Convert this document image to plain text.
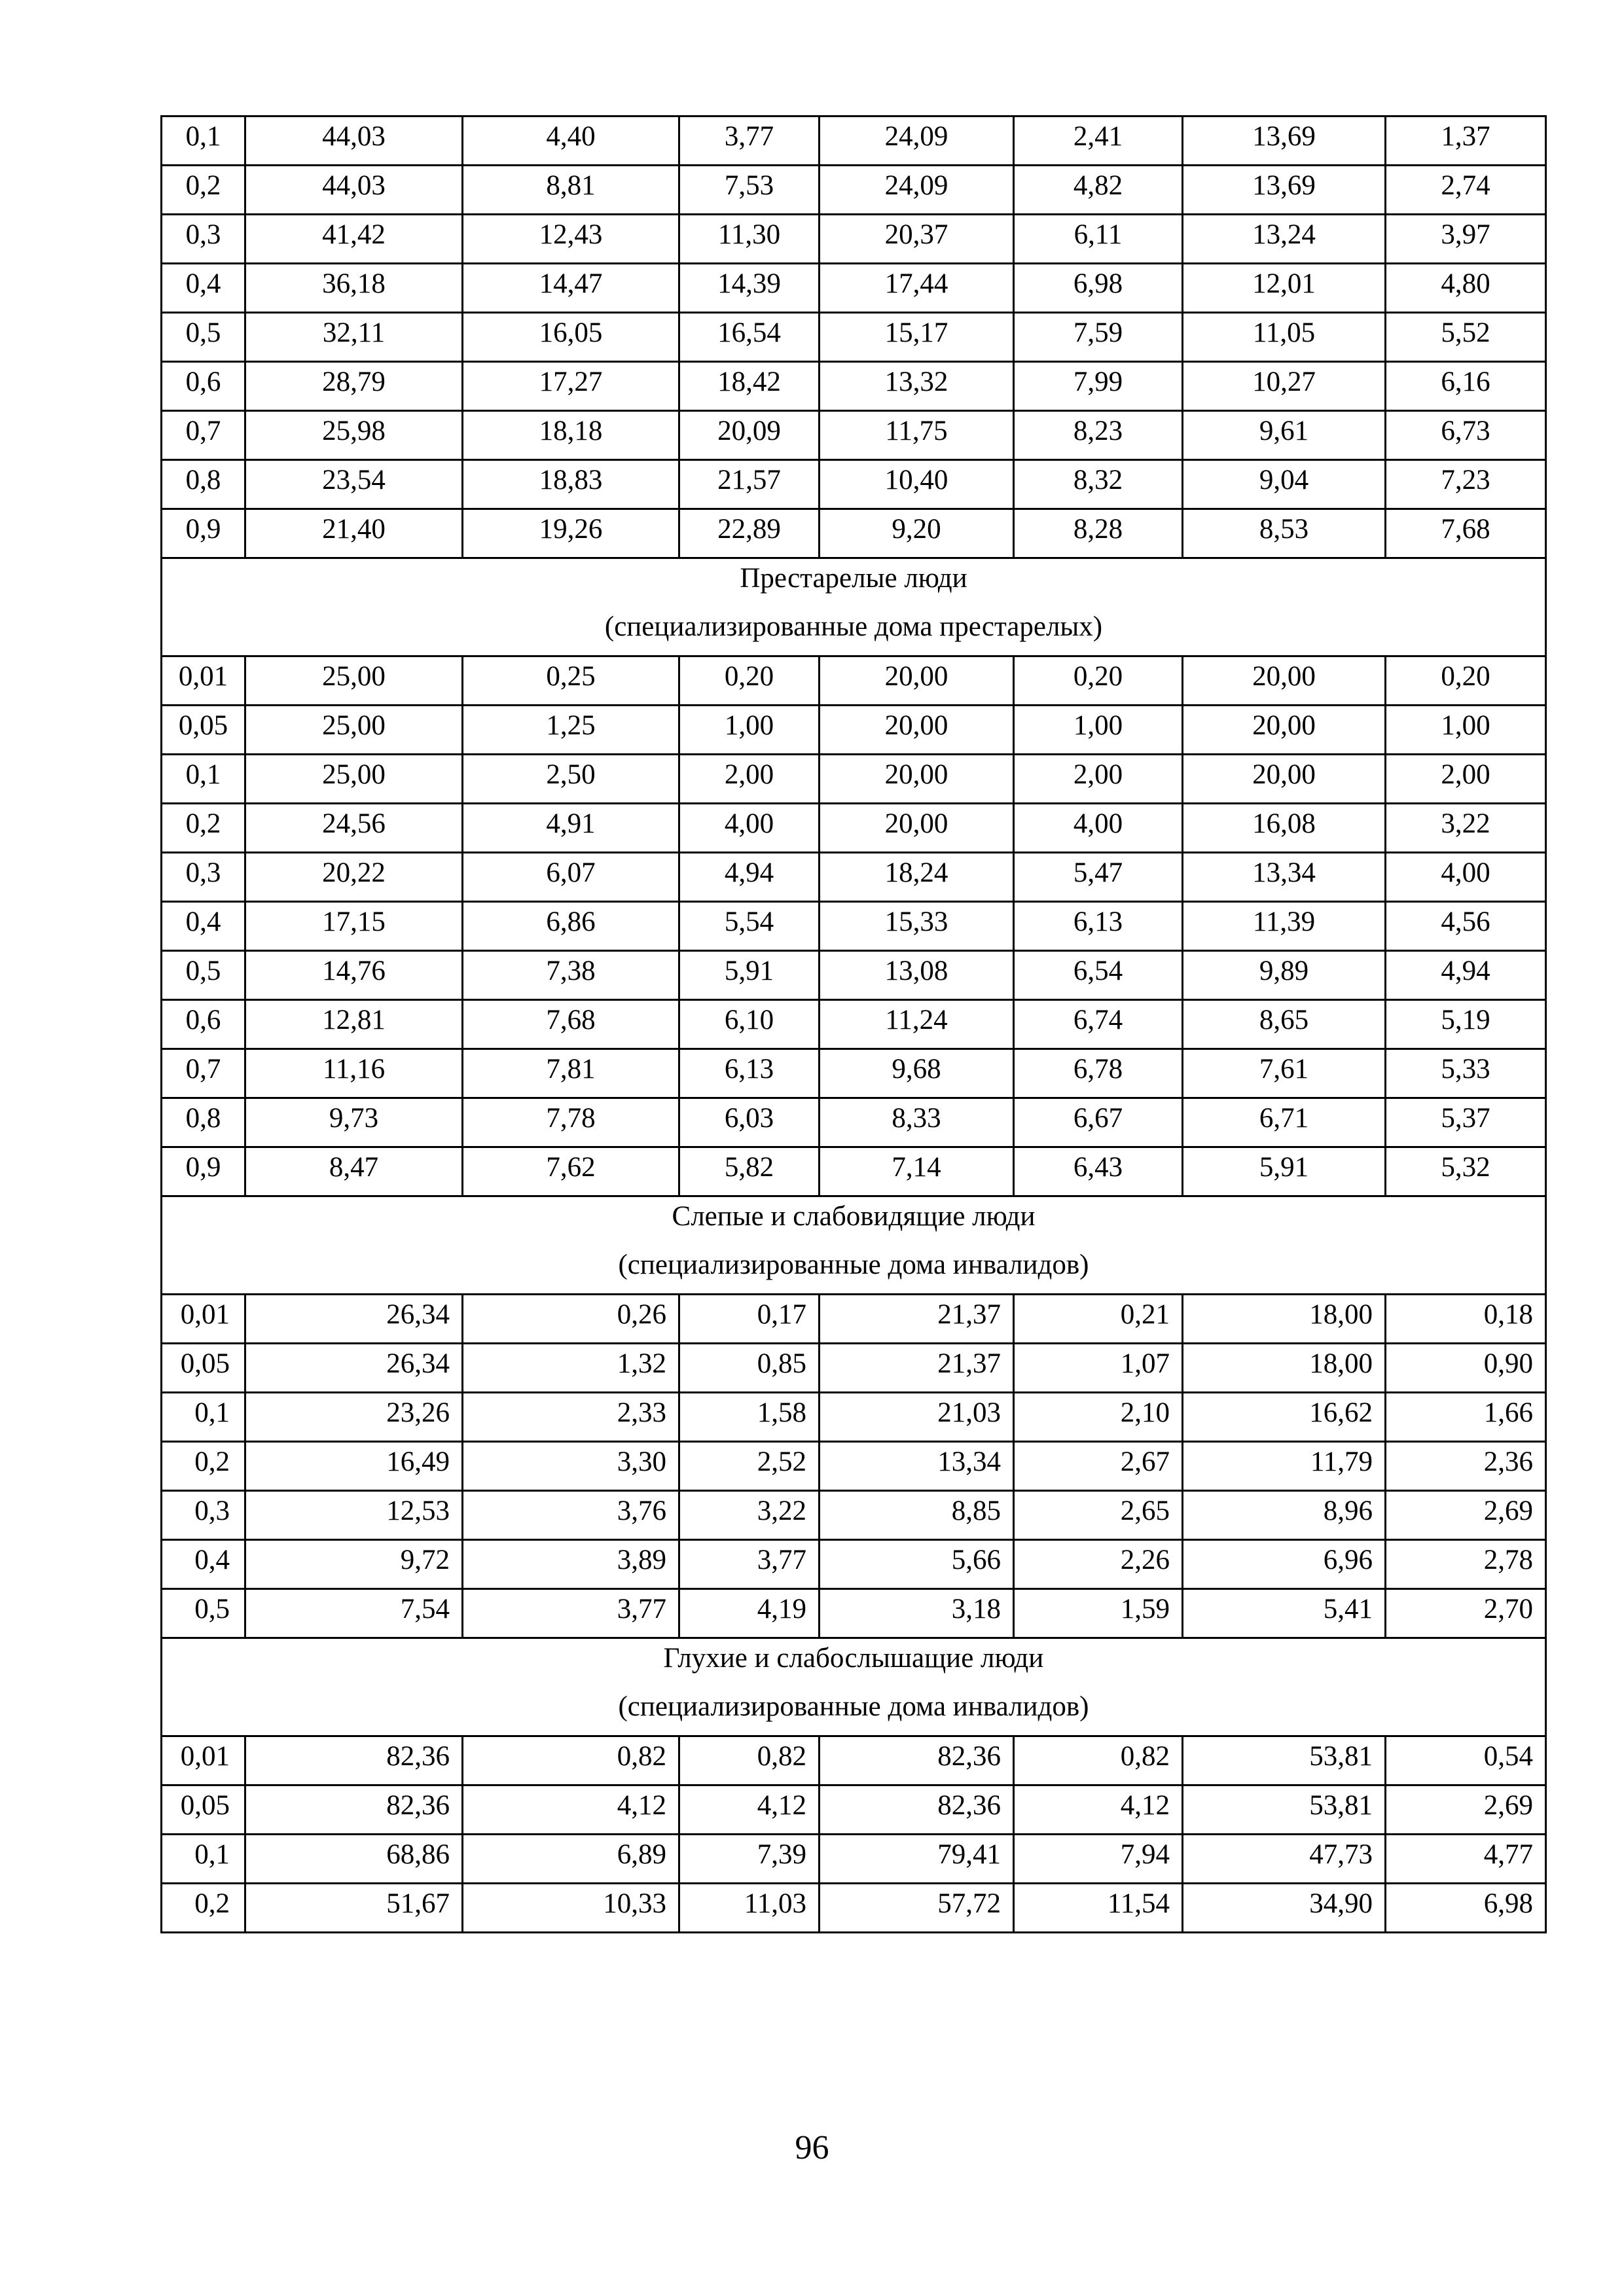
0,1	44,03	4,40	3,77	24,09	2,41	13,69	1,37
0,2	44,03	8,81	7,53	24,09	4,82	13,69	2,74
0,3	41,42	12,43	11,30	20,37	6,11	13,24	3,97
0,4	36,18	14,47	14,39	17,44	6,98	12,01	4,80
0,5	32,11	16,05	16,54	15,17	7,59	11,05	5,52
0,6	28,79	17,27	18,42	13,32	7,99	10,27	6,16
0,7	25,98	18,18	20,09	11,75	8,23	9,61	6,73
0,8	23,54	18,83	21,57	10,40	8,32	9,04	7,23
0,9	21,40	19,26	22,89	9,20	8,28	8,53	7,68
Престарелые люди							
(специализированные дома престарелых)							
0,01	25,00	0,25	0,20	20,00	0,20	20,00	0,20
0,05	25,00	1,25	1,00	20,00	1,00	20,00	1,00
0,1	25,00	2,50	2,00	20,00	2,00	20,00	2,00
0,2	24,56	4,91	4,00	20,00	4,00	16,08	3,22
0,3	20,22	6,07	4,94	18,24	5,47	13,34	4,00
0,4	17,15	6,86	5,54	15,33	6,13	11,39	4,56
0,5	14,76	7,38	5,91	13,08	6,54	9,89	4,94
0,6	12,81	7,68	6,10	11,24	6,74	8,65	5,19
0,7	11,16	7,81	6,13	9,68	6,78	7,61	5,33
0,8	9,73	7,78	6,03	8,33	6,67	6,71	5,37
0,9	8,47	7,62	5,82	7,14	6,43	5,91	5,32
Слепые и слабовидящие люди							
(специализированные дома инвалидов)							
0,01	26,34	0,26	0,17	21,37	0,21	18,00	0,18
0,05	26,34	1,32	0,85	21,37	1,07	18,00	0,90
0,1	23,26	2,33	1,58	21,03	2,10	16,62	1,66
0,2	16,49	3,30	2,52	13,34	2,67	11,79	2,36
0,3	12,53	3,76	3,22	8,85	2,65	8,96	2,69
0,4	9,72	3,89	3,77	5,66	2,26	6,96	2,78
0,5	7,54	3,77	4,19	3,18	1,59	5,41	2,70
Глухие и слабослышащие люди							
(специализированные дома инвалидов)							
0,01	82,36	0,82	0,82	82,36	0,82	53,81	0,54
0,05	82,36	4,12	4,12	82,36	4,12	53,81	2,69
0,1	68,86	6,89	7,39	79,41	7,94	47,73	4,77
0,2	51,67	10,33	11,03	57,72	11,54	34,90	6,98
96
